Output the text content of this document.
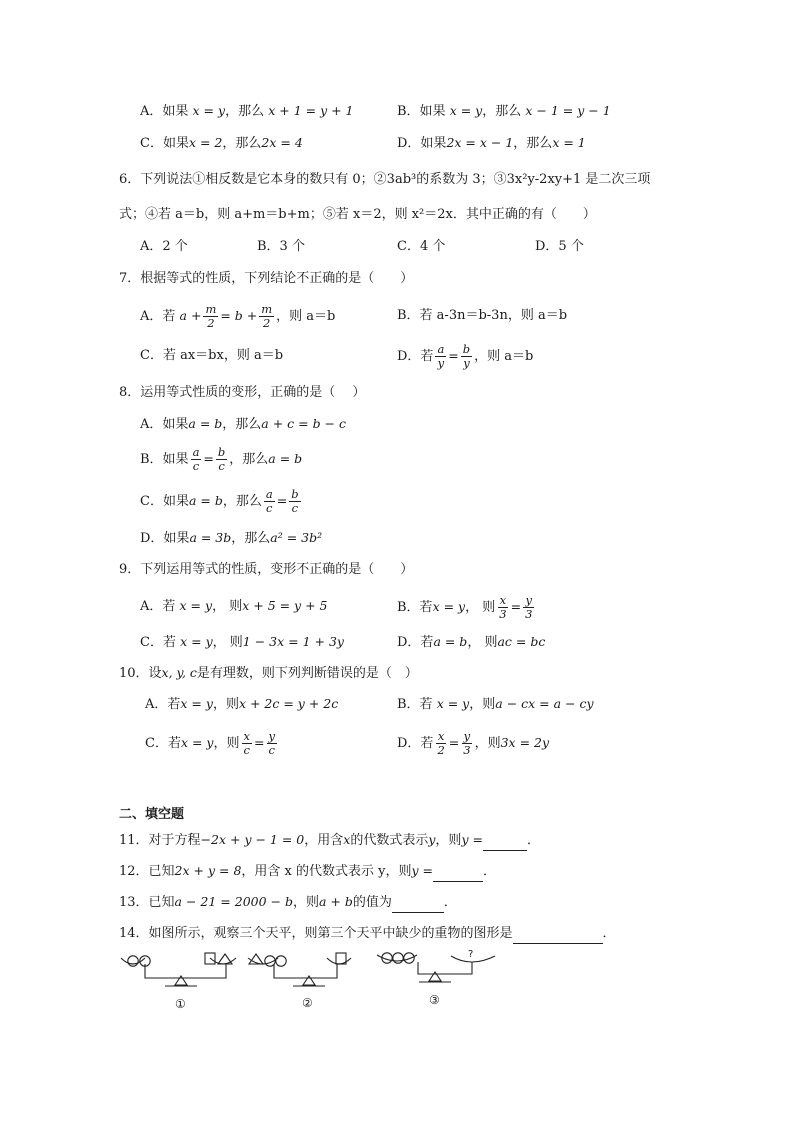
A．如果 x = y，那么 x + 1 = y + 1	B．如果 x = y，那么 x − 1 = y − 1
C．如果x = 2，那么2x = 4	D．如果2x = x − 1，那么x = 1
6．下列说法①相反数是它本身的数只有 0；②3ab³的系数为 3；③3x²y-2xy+1 是二次三项
式；④若 a＝b，则 a+m＝b+m；⑤若 x＝2，则 x²＝2x．其中正确的有（　　）
A．2 个	B．3 个	C．4 个	D．5 个
7．根据等式的性质，下列结论不正确的是（　　）
A．若 $a + \frac{m}{2} = b + \frac{m}{2}$ ，则 a＝b	B．若 a-3n＝b-3n，则 a＝b
C．若 ax＝bx，则 a＝b	D．若 $\frac{a}{y} = \frac{b}{y}$ ，则 a＝b
8．运用等式性质的变形，正确的是（　 ）
A．如果a = b，那么a + c = b − c
B．如果 $\frac{a}{c} = \frac{b}{c}$ ，那么a = b
C．如果a = b，那么 $\frac{a}{c} = \frac{b}{c}$
D．如果a = 3b，那么a² = 3b²
9．下列运用等式的性质，变形不正确的是（　　）
A．若 x = y， 则x + 5 = y + 5	B．若x = y， 则 $\frac{x}{3} = \frac{y}{3}$
C．若 x = y， 则1 − 3x = 1 + 3y	D．若a = b， 则ac = bc
10．设x, y, c是有理数，则下列判断错误的是（　）
A．若x = y，则x + 2c = y + 2c	B．若 x = y，则a − cx = a − cy
C．若x = y，则 $\frac{x}{c} = \frac{y}{c}$	D．若 $\frac{x}{2} = \frac{y}{3}$ ，则3x = 2y
二、填空题
11．对于方程−2x + y − 1 = 0，用含x的代数式表示y，则y =	．
12．已知2x + y = 8，用含 x 的代数式表示 y，则y =	．
13．已知a − 21 = 2000 − b，则a + b的值为	．
14．如图所示，观察三个天平，则第三个天平中缺少的重物的图形是	．
?
①	②	③
